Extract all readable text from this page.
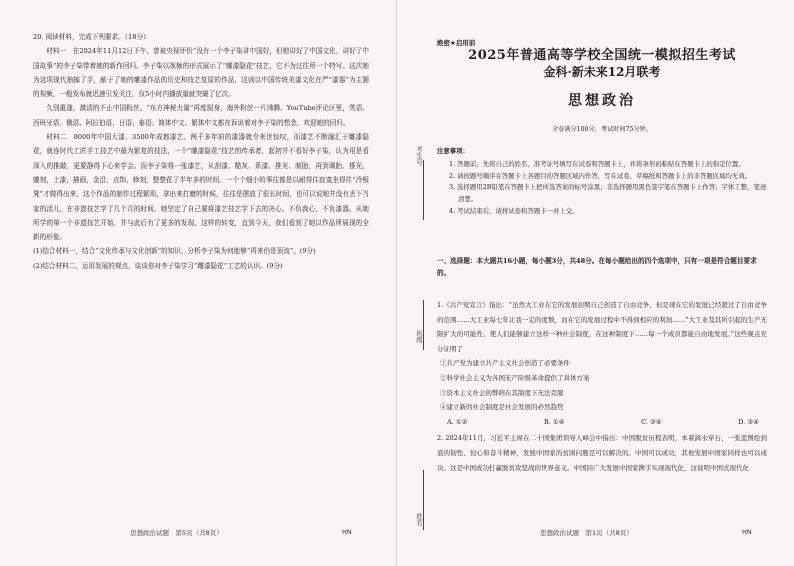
20. 阅读材料，完成下列要求。（18分）

材料一　在2024年11月12日下午，曾被央视评价“没有一个李子柒讲中国好，但她讲好了中国文化，讲好了中国故事”的李子柒带着她的新作回归。李子柒以视频的形式展示了“雕漆隐花”技艺，它不为过往所一个特写。这次她为这项现代抽搐了手，献于了她的雕漆作品的历史和技艺复原的作品，这则以中国传统美漆文化在严“漆器”为主题的视频，一般发布就迅速引发关注，仅5小时内播放量就突破了亿次。

久别重逢，激活的不止中国粉丝。“东方神秘力量”再度现身，海外粉丝一片沸腾。YouTube评论区里，英语、西班牙语、俄语、阿拉伯语、日语、泰语、简体中文、繁体中文都在诉说着对李子柒的想念，欢迎她的回归。

材料二　8000年中国大漆，3500年成都漆艺。两千多年前的漆器就令来世惊叹，而漆艺不断融汇于雕漆隐花，就连时代工匠手工技艺中最为繁复的技法，一个“雕漆隐花”技艺的传承者，起初并不看好李子柒，认为用是看深入的推敲，更要静得下心来学会。而李子柒将一张漆艺，从刮漆、糙灰、系漆、推光、制胎，再到调胎、推光，雕刻，上漆，描画，金沿，点饰，修刻，整整花了半年多的时间。一个个细小的事往都是以耐得住寂寞坐得住“冷板凳”才做得出来，这个作品的制作过程繁琐，拿出来打磨的时候，往往是摆放了很长时间，也可以说她并没有丢下当家的活儿，在非遗技艺学了几个月的时间，她坚定了自己要将漆艺技艺学下去的决心。不负我心，不负漆器。从她所学的第一个非遗技艺开始，并与此后有了更多的发现，这样的转变，直到今天，我们看到了她以作品所展现的全新的形象。

(1)结合材料一，结合“文化传承与文化创新”的知识，分析李子柒为何能够“再来仍是顶流”。(9分)

(2)结合材料二，运用发展的观点，谈谈你对李子柒学习“雕漆隐花”工艺的认识。(9分)

思想政治试题　第5页（共8页）	HN
考生号
班级
姓名
绝密★启用前
2025年普通高等学校全国统一模拟招生考试
金科·新未来12月联考
思想政治
全卷满分100分，考试时间75分钟。
注意事项：
1. 答题前，先将自己的姓名、准考证号填写在试卷和答题卡上，并将条形码粘贴在答题卡上的指定位置。
2. 请按题号顺序在答题卡上各题目的答题区域内作答，写在试卷、草稿纸和答题卡上的非答题区域均无效。
3. 选择题用2B铅笔在答题卡上把所选答案的标号涂黑；非选择题用黑色签字笔在答题卡上作答；字体工整，笔迹清楚。
4. 考试结束后，请将试卷和答题卡一并上交。
一、选择题：本大题共16小题，每小题3分，共48分。在每小题给出的四个选项中，只有一项是符合题目要求的。

1.《共产党宣言》指出：“虽然大工业在它的发展初期自己创造了自由竞争，但是现在它的发展已经超过了自由竞争的范围……大工业每七年让我一定的度数，而在它的发展过程中不得到相应的利润……”大工业及其所引起的生产无限扩大的可能性，使人们能够建立这样一种社会制度，在这种制度下……每一个成员都能自由地发展。”这些观点充分证明了

①共产党为建立共产主义社会创造了必要条件

②科学社会主义为各国无产阶级革命提供了具体方案

③资本主义社会的弊病在其制度下无法克服

④建立新的社会制度是社会发展的必然趋势

A. ①②	B. ①④	C. ②④	D. ③④

2. 2024年11月，习近平主席在二十国集团领导人峰会中指出：中国脱贫历程表明，本着滴水穿石、一张蓝图绘到底的韧性、恒心和奋斗精神，发展中国家的贫困问题是可以解决的。中国可以成功，其他发展中国家同样也可以成功。这是中国成功打赢脱贫攻坚战的世界意义。中国同广大发展中国家携手实现现代化，这说明中国式现代化

思想政治试题　第1页（共8页）	HN
